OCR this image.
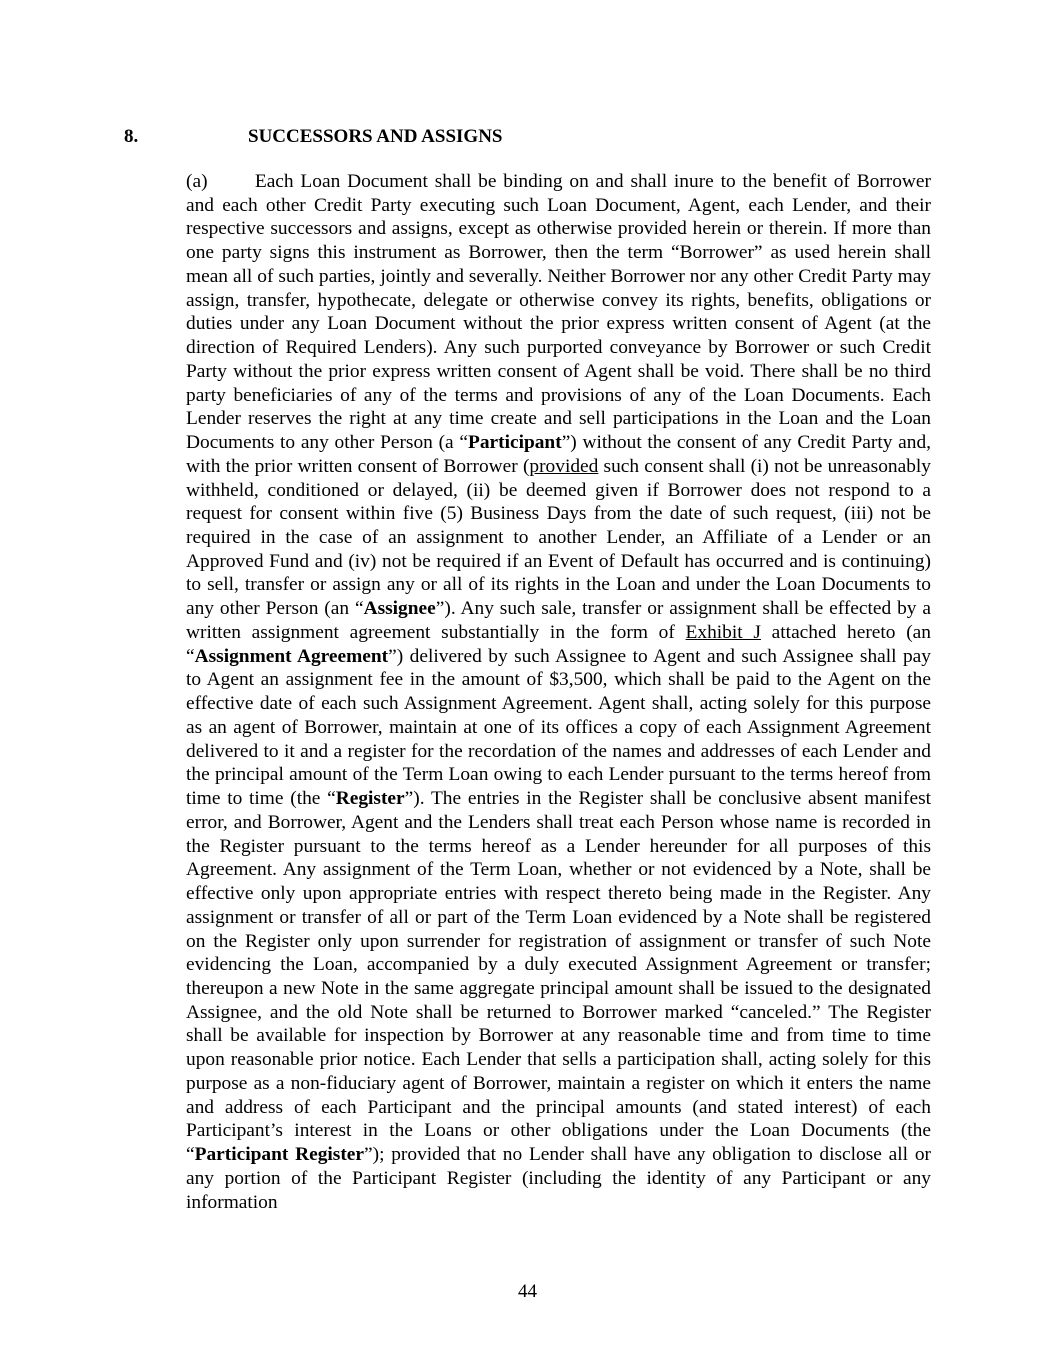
8.	SUCCESSORS AND ASSIGNS
(a) Each Loan Document shall be binding on and shall inure to the benefit of Borrower and each other Credit Party executing such Loan Document, Agent, each Lender, and their respective successors and assigns, except as otherwise provided herein or therein. If more than one party signs this instrument as Borrower, then the term “Borrower” as used herein shall mean all of such parties, jointly and severally. Neither Borrower nor any other Credit Party may assign, transfer, hypothecate, delegate or otherwise convey its rights, benefits, obligations or duties under any Loan Document without the prior express written consent of Agent (at the direction of Required Lenders). Any such purported conveyance by Borrower or such Credit Party without the prior express written consent of Agent shall be void. There shall be no third party beneficiaries of any of the terms and provisions of any of the Loan Documents. Each Lender reserves the right at any time create and sell participations in the Loan and the Loan Documents to any other Person (a “Participant”) without the consent of any Credit Party and, with the prior written consent of Borrower (provided such consent shall (i) not be unreasonably withheld, conditioned or delayed, (ii) be deemed given if Borrower does not respond to a request for consent within five (5) Business Days from the date of such request, (iii) not be required in the case of an assignment to another Lender, an Affiliate of a Lender or an Approved Fund and (iv) not be required if an Event of Default has occurred and is continuing) to sell, transfer or assign any or all of its rights in the Loan and under the Loan Documents to any other Person (an “Assignee”). Any such sale, transfer or assignment shall be effected by a written assignment agreement substantially in the form of Exhibit J attached hereto (an “Assignment Agreement”) delivered by such Assignee to Agent and such Assignee shall pay to Agent an assignment fee in the amount of $3,500, which shall be paid to the Agent on the effective date of each such Assignment Agreement. Agent shall, acting solely for this purpose as an agent of Borrower, maintain at one of its offices a copy of each Assignment Agreement delivered to it and a register for the recordation of the names and addresses of each Lender and the principal amount of the Term Loan owing to each Lender pursuant to the terms hereof from time to time (the “Register”). The entries in the Register shall be conclusive absent manifest error, and Borrower, Agent and the Lenders shall treat each Person whose name is recorded in the Register pursuant to the terms hereof as a Lender hereunder for all purposes of this Agreement. Any assignment of the Term Loan, whether or not evidenced by a Note, shall be effective only upon appropriate entries with respect thereto being made in the Register. Any assignment or transfer of all or part of the Term Loan evidenced by a Note shall be registered on the Register only upon surrender for registration of assignment or transfer of such Note evidencing the Loan, accompanied by a duly executed Assignment Agreement or transfer; thereupon a new Note in the same aggregate principal amount shall be issued to the designated Assignee, and the old Note shall be returned to Borrower marked “canceled.” The Register shall be available for inspection by Borrower at any reasonable time and from time to time upon reasonable prior notice. Each Lender that sells a participation shall, acting solely for this purpose as a non-fiduciary agent of Borrower, maintain a register on which it enters the name and address of each Participant and the principal amounts (and stated interest) of each Participant’s interest in the Loans or other obligations under the Loan Documents (the “Participant Register”); provided that no Lender shall have any obligation to disclose all or any portion of the Participant Register (including the identity of any Participant or any information
44
